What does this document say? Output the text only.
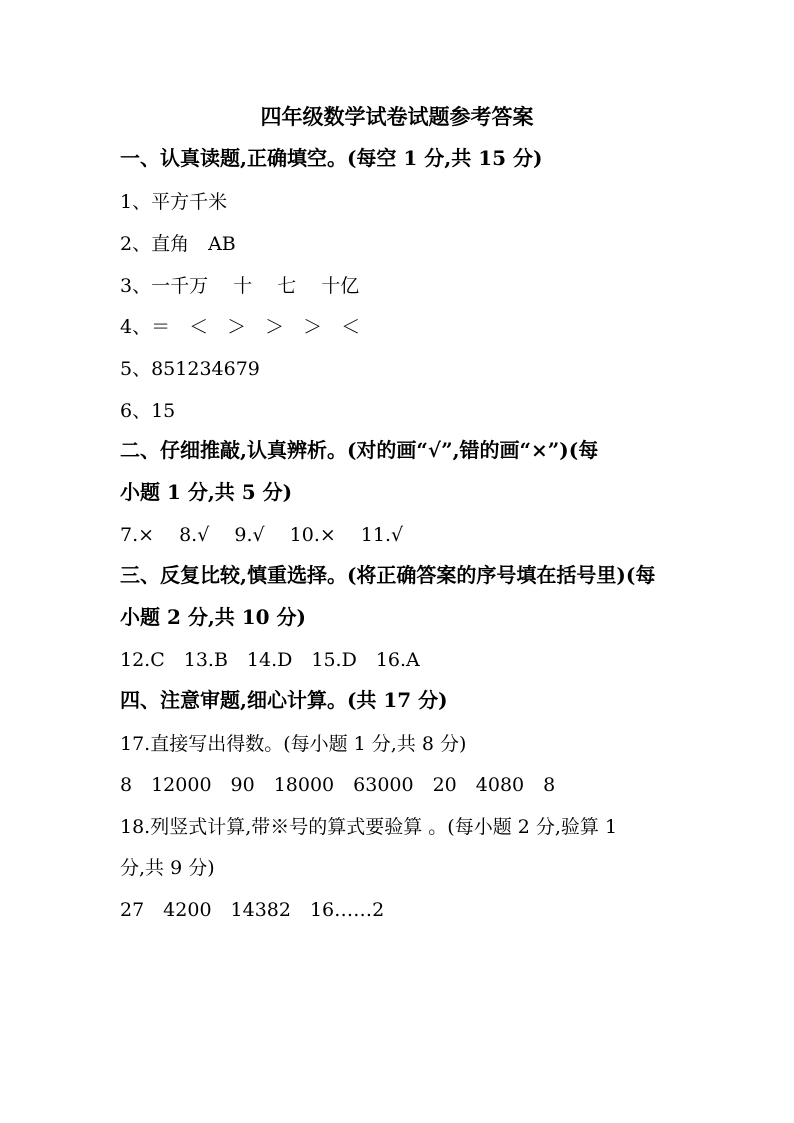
四年级数学试卷试题参考答案
一、认真读题,正确填空。(每空 1 分,共 15 分)
1、平方千米
2、直角　AB
3、一千万　 十　 七　 十亿
4、＝　＜　＞　＞　＞　＜
5、851234679
6、15
二、仔细推敲,认真辨析。(对的画“√”,错的画“×”)(每
小题 1 分,共 5 分)
7.×　 8.√　 9.√　 10.×　 11.√
三、反复比较,慎重选择。(将正确答案的序号填在括号里)(每
小题 2 分,共 10 分)
12.C　13.B　14.D　15.D　16.A
四、注意审题,细心计算。(共 17 分)
17.直接写出得数。(每小题 1 分,共 8 分)
8　12000　90　18000　63000　20　4080　8
18.列竖式计算,带※号的算式要验算 。(每小题 2 分,验算 1
分,共 9 分)
27　4200　14382　16……2
